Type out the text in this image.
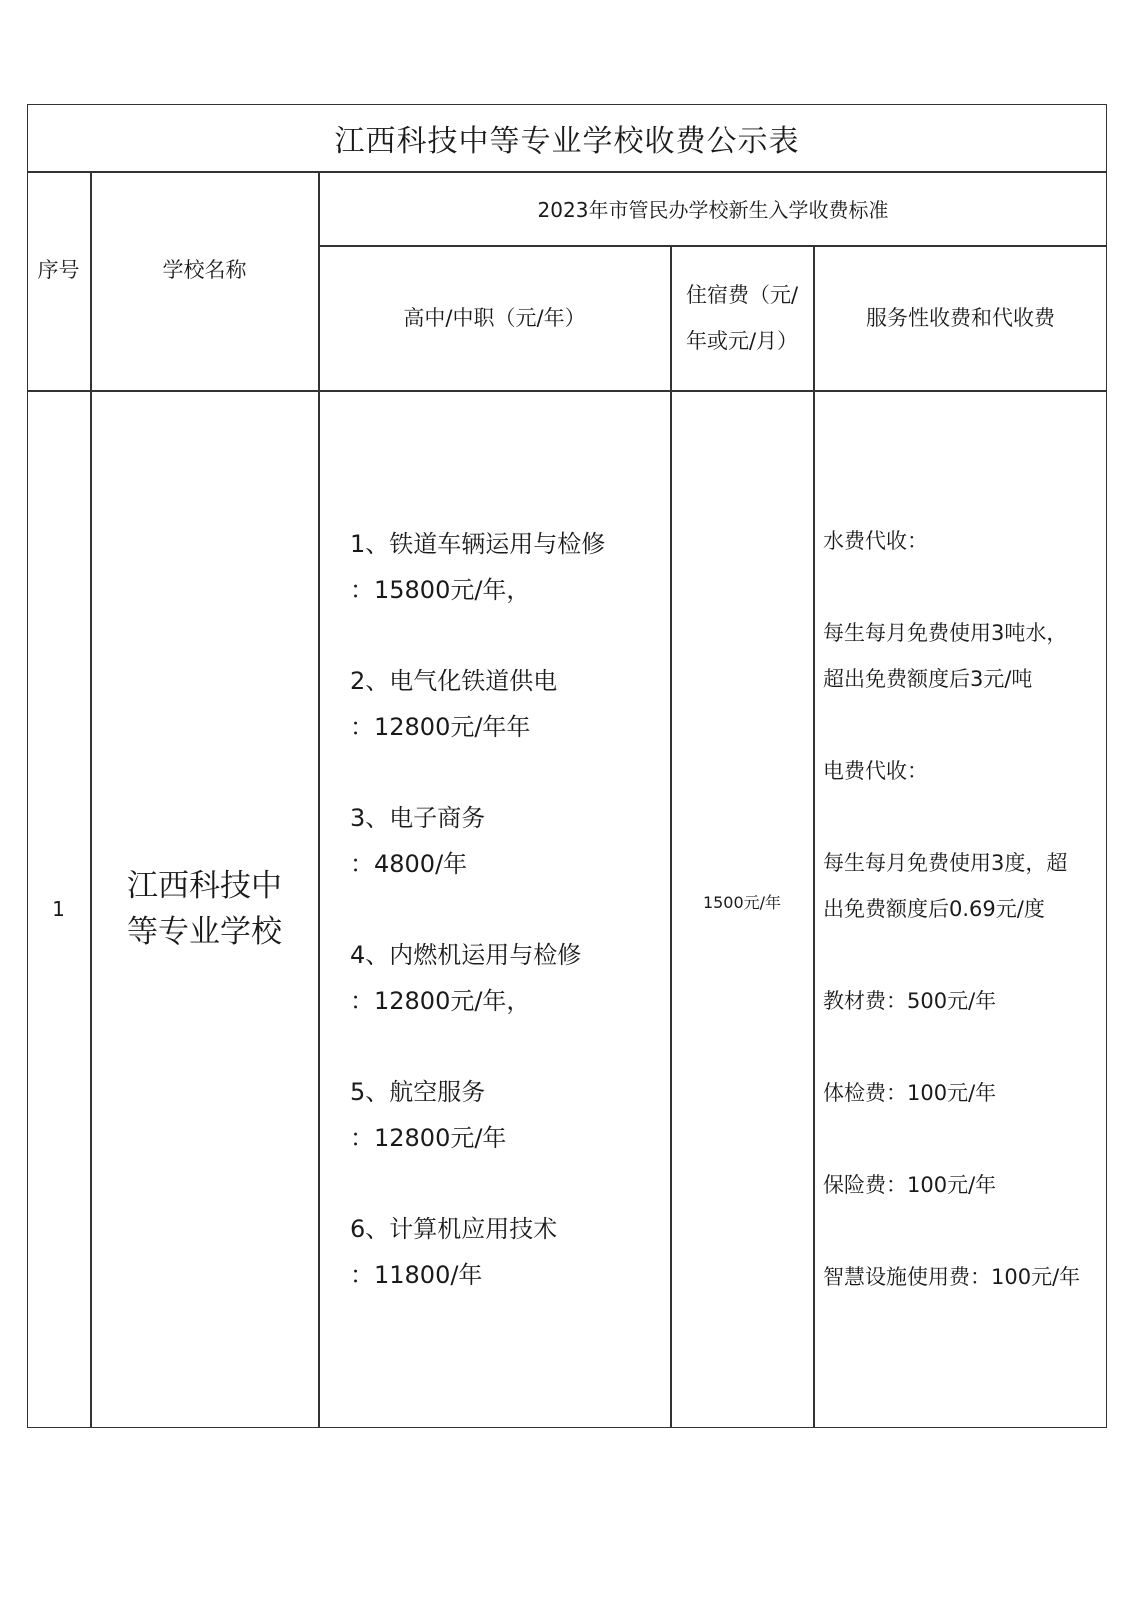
江西科技中等专业学校收费公示表
序号	学校名称
2023年市管民办学校新生入学收费标准
高中/中职（元/年）
住宿费（元/
年或元/月）
服务性收费和代收费
1
江西科技中
等专业学校
1、铁道车辆运用与检修
：15800元/年，
2、电气化铁道供电
：12800元/年年
3、电子商务
：4800/年
4、内燃机运用与检修
：12800元/年，
5、航空服务
：12800元/年
6、计算机应用技术
：11800/年
1500元/年
水费代收：
每生每月免费使用3吨水，
超出免费额度后3元/吨
电费代收：
每生每月免费使用3度，超
出免费额度后0.69元/度
教材费：500元/年
体检费：100元/年
保险费：100元/年
智慧设施使用费：100元/年
